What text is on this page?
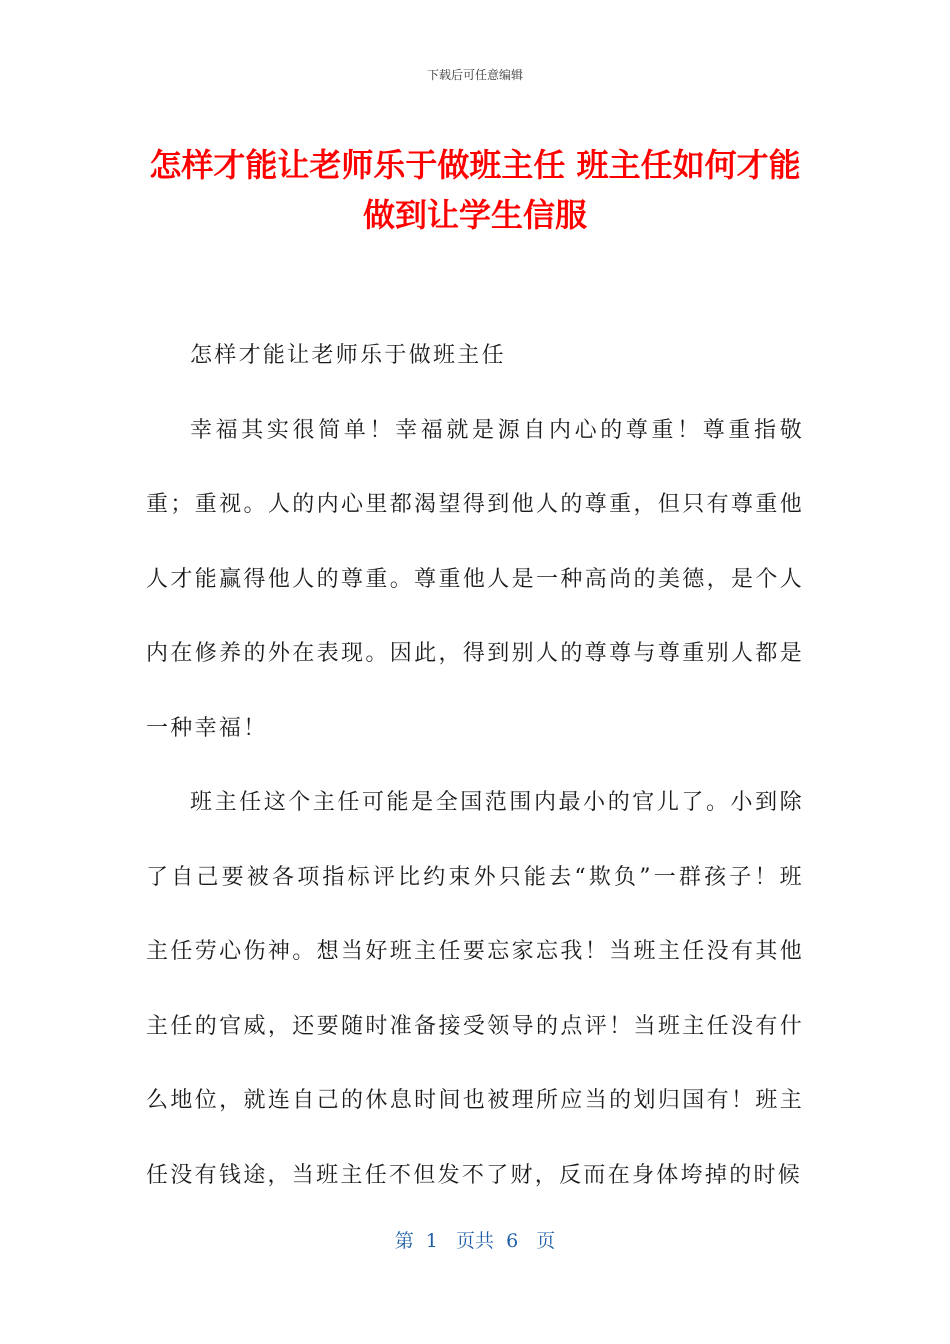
下载后可任意编辑
怎样才能让老师乐于做班主任 班主任如何才能做到让学生信服

怎样才能让老师乐于做班主任

幸福其实很简单！幸福就是源自内心的尊重！尊重指敬重；重视。人的内心里都渴望得到他人的尊重，但只有尊重他人才能赢得他人的尊重。尊重他人是一种高尚的美德，是个人内在修养的外在表现。因此，得到别人的尊尊与尊重别人都是一种幸福！

班主任这个主任可能是全国范围内最小的官儿了。小到除了自己要被各项指标评比约束外只能去“欺负”一群孩子！班主任劳心伤神。想当好班主任要忘家忘我！当班主任没有其他主任的官威，还要随时准备接受领导的点评！当班主任没有什么地位，就连自己的休息时间也被理所应当的划归国有！班主任没有钱途，当班主任不但发不了财，反而在身体垮掉的时候

第  1   页共  6   页
